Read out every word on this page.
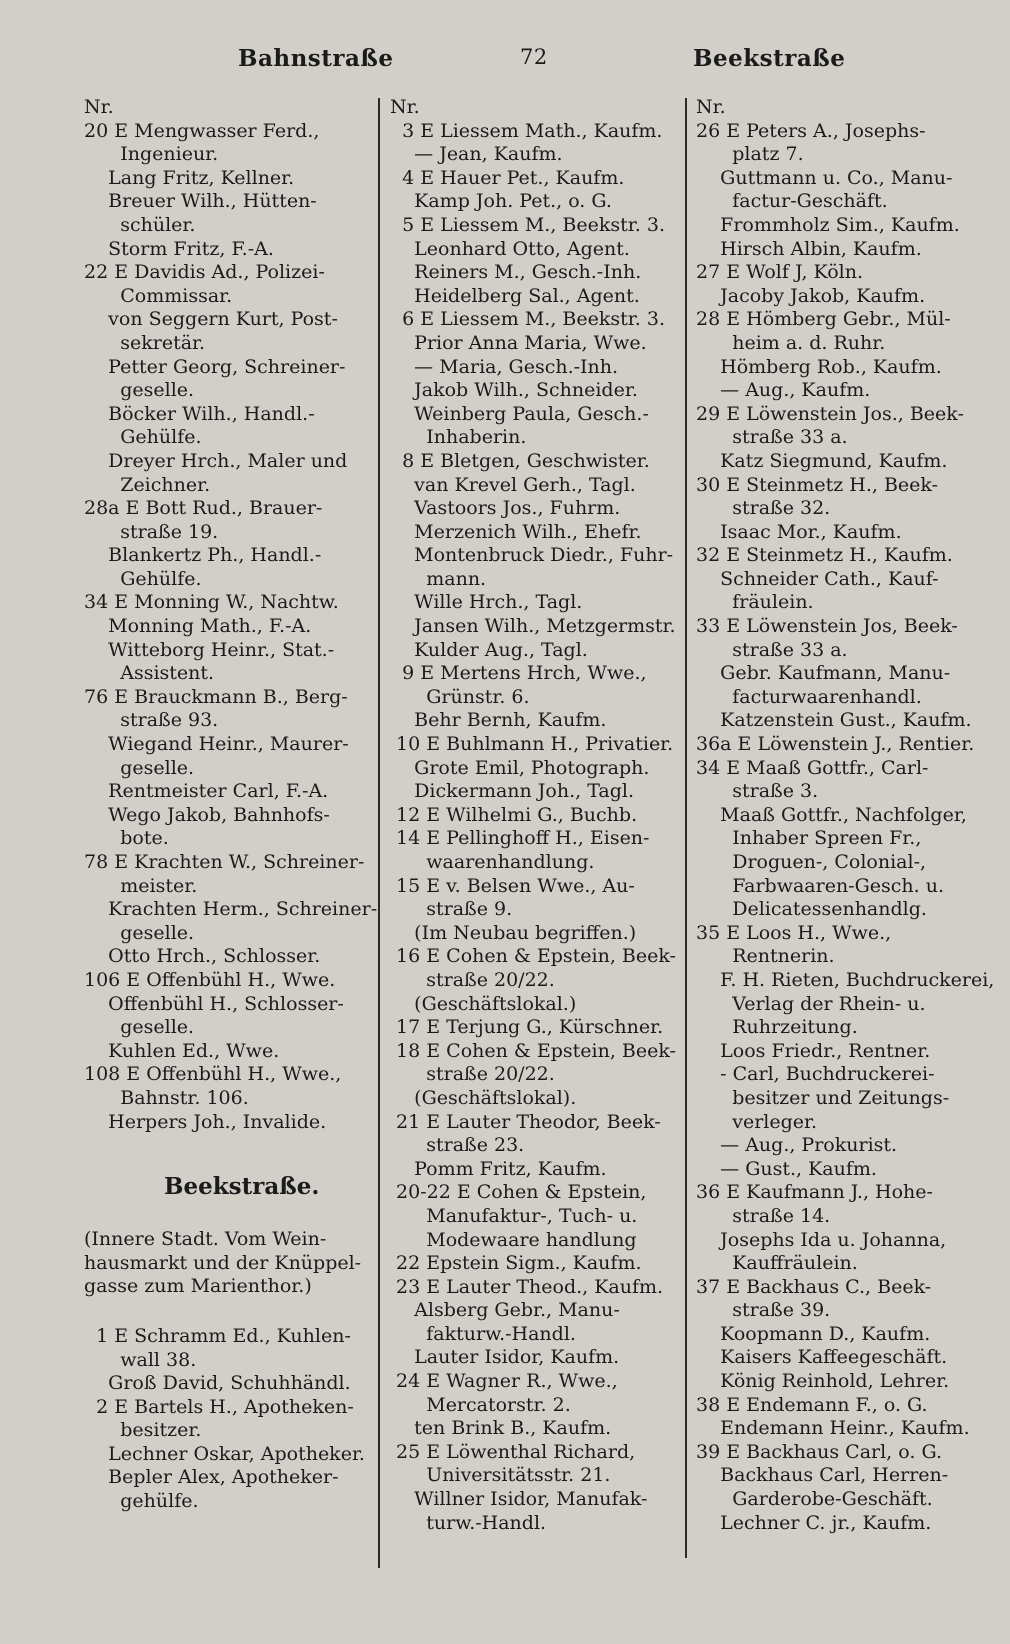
Bahnstraße	72	Beekstraße
Nr.
20 E Mengwasser Ferd.,
Ingenieur.
Lang Fritz, Kellner.
Breuer Wilh., Hütten-
schüler.
Storm Fritz, F.-A.
22 E Davidis Ad., Polizei-
Commissar.
von Seggern Kurt, Post-
sekretär.
Petter Georg, Schreiner-
geselle.
Böcker Wilh., Handl.-
Gehülfe.
Dreyer Hrch., Maler und
Zeichner.
28a E Bott Rud., Brauer-
straße 19.
Blankertz Ph., Handl.-
Gehülfe.
34 E Monning W., Nachtw.
Monning Math., F.-A.
Witteborg Heinr., Stat.-
Assistent.
76 E Brauckmann B., Berg-
straße 93.
Wiegand Heinr., Maurer-
geselle.
Rentmeister Carl, F.-A.
Wego Jakob, Bahnhofs-
bote.
78 E Krachten W., Schreiner-
meister.
Krachten Herm., Schreiner-
geselle.
Otto Hrch., Schlosser.
106 E Offenbühl H., Wwe.
Offenbühl H., Schlosser-
geselle.
Kuhlen Ed., Wwe.
108 E Offenbühl H., Wwe.,
Bahnstr. 106.
Herpers Joh., Invalide.
Beekstraße.
(Innere Stadt. Vom Wein-
hausmarkt und der Knüppel-
gasse zum Marienthor.)
1 E Schramm Ed., Kuhlen-
wall 38.
Groß David, Schuhhändl.
2 E Bartels H., Apotheken-
besitzer.
Lechner Oskar, Apotheker.
Bepler Alex, Apotheker-
gehülfe.
Nr.
3 E Liessem Math., Kaufm.
— Jean, Kaufm.
4 E Hauer Pet., Kaufm.
Kamp Joh. Pet., o. G.
5 E Liessem M., Beekstr. 3.
Leonhard Otto, Agent.
Reiners M., Gesch.-Inh.
Heidelberg Sal., Agent.
6 E Liessem M., Beekstr. 3.
Prior Anna Maria, Wwe.
— Maria, Gesch.-Inh.
Jakob Wilh., Schneider.
Weinberg Paula, Gesch.-
Inhaberin.
8 E Bletgen, Geschwister.
van Krevel Gerh., Tagl.
Vastoors Jos., Fuhrm.
Merzenich Wilh., Ehefr.
Montenbruck Diedr., Fuhr-
mann.
Wille Hrch., Tagl.
Jansen Wilh., Metzgermstr.
Kulder Aug., Tagl.
9 E Mertens Hrch, Wwe.,
Grünstr. 6.
Behr Bernh, Kaufm.
10 E Buhlmann H., Privatier.
Grote Emil, Photograph.
Dickermann Joh., Tagl.
12 E Wilhelmi G., Buchb.
14 E Pellinghoff H., Eisen-
waarenhandlung.
15 E v. Belsen Wwe., Au-
straße 9.
(Im Neubau begriffen.)
16 E Cohen & Epstein, Beek-
straße 20/22.
(Geschäftslokal.)
17 E Terjung G., Kürschner.
18 E Cohen & Epstein, Beek-
straße 20/22.
(Geschäftslokal).
21 E Lauter Theodor, Beek-
straße 23.
Pomm Fritz, Kaufm.
20-22 E Cohen & Epstein,
Manufaktur-, Tuch- u.
Modewaare handlung
22 Epstein Sigm., Kaufm.
23 E Lauter Theod., Kaufm.
Alsberg Gebr., Manu-
fakturw.-Handl.
Lauter Isidor, Kaufm.
24 E Wagner R., Wwe.,
Mercatorstr. 2.
ten Brink B., Kaufm.
25 E Löwenthal Richard,
Universitätsstr. 21.
Willner Isidor, Manufak-
turw.-Handl.
Nr.
26 E Peters A., Josephs-
platz 7.
Guttmann u. Co., Manu-
factur-Geschäft.
Frommholz Sim., Kaufm.
Hirsch Albin, Kaufm.
27 E Wolf J, Köln.
Jacoby Jakob, Kaufm.
28 E Hömberg Gebr., Mül-
heim a. d. Ruhr.
Hömberg Rob., Kaufm.
— Aug., Kaufm.
29 E Löwenstein Jos., Beek-
straße 33 a.
Katz Siegmund, Kaufm.
30 E Steinmetz H., Beek-
straße 32.
Isaac Mor., Kaufm.
32 E Steinmetz H., Kaufm.
Schneider Cath., Kauf-
fräulein.
33 E Löwenstein Jos, Beek-
straße 33 a.
Gebr. Kaufmann, Manu-
facturwaarenhandl.
Katzenstein Gust., Kaufm.
36a E Löwenstein J., Rentier.
34 E Maaß Gottfr., Carl-
straße 3.
Maaß Gottfr., Nachfolger,
Inhaber Spreen Fr.,
Droguen-, Colonial-,
Farbwaaren-Gesch. u.
Delicatessenhandlg.
35 E Loos H., Wwe.,
Rentnerin.
F. H. Rieten, Buchdruckerei,
Verlag der Rhein- u.
Ruhrzeitung.
Loos Friedr., Rentner.
- Carl, Buchdruckerei-
besitzer und Zeitungs-
verleger.
— Aug., Prokurist.
— Gust., Kaufm.
36 E Kaufmann J., Hohe-
straße 14.
Josephs Ida u. Johanna,
Kauffräulein.
37 E Backhaus C., Beek-
straße 39.
Koopmann D., Kaufm.
Kaisers Kaffeegeschäft.
König Reinhold, Lehrer.
38 E Endemann F., o. G.
Endemann Heinr., Kaufm.
39 E Backhaus Carl, o. G.
Backhaus Carl, Herren-
Garderobe-Geschäft.
Lechner C. jr., Kaufm.
